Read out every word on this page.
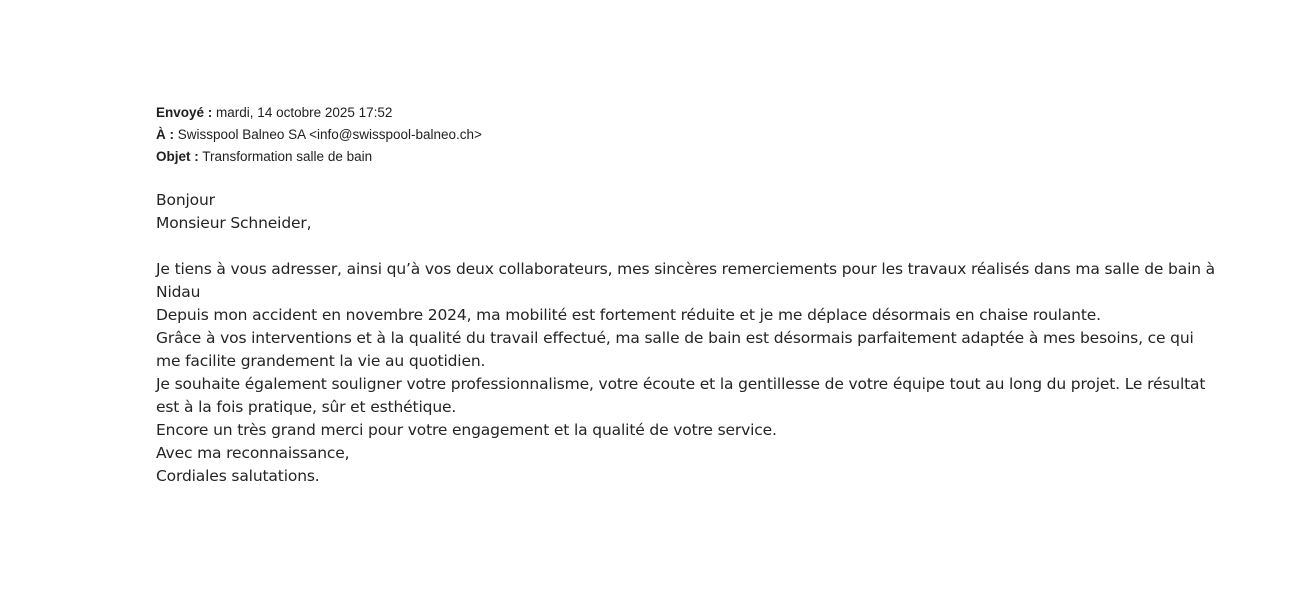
Envoyé : mardi, 14 octobre 2025 17:52
À : Swisspool Balneo SA <info@swisspool-balneo.ch>
Objet : Transformation salle de bain
Bonjour
Monsieur Schneider,

Je tiens à vous adresser, ainsi qu’à vos deux collaborateurs, mes sincères remerciements pour les travaux réalisés dans ma salle de bain à Nidau

Depuis mon accident en novembre 2024, ma mobilité est fortement réduite et je me déplace désormais en chaise roulante.

Grâce à vos interventions et à la qualité du travail effectué, ma salle de bain est désormais parfaitement adaptée à mes besoins, ce qui me facilite grandement la vie au quotidien.

Je souhaite également souligner votre professionnalisme, votre écoute et la gentillesse de votre équipe tout au long du projet. Le résultat est à la fois pratique, sûr et esthétique.

Encore un très grand merci pour votre engagement et la qualité de votre service.

Avec ma reconnaissance,

Cordiales salutations.
